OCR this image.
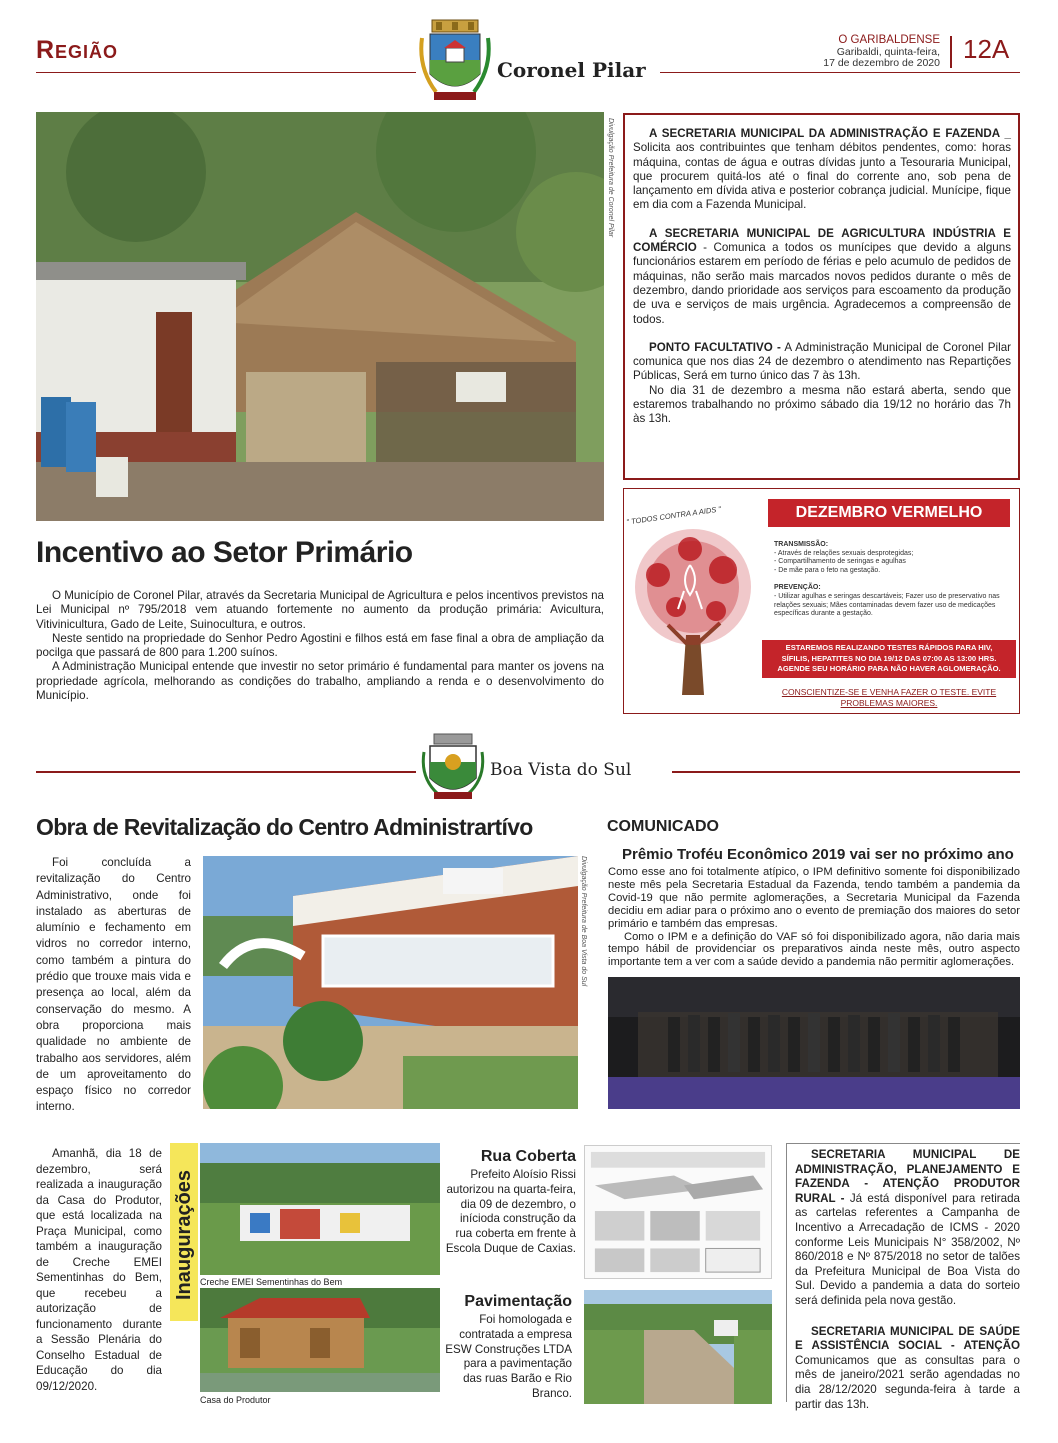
Região
Coronel Pilar
O GARIBALDENSE
Garibaldi, quinta-feira,
17 de dezembro de 2020 12A
Divulgação Prefeitura de Coronel Pilar	A SECRETARIA MUNICIPAL DA ADMINISTRAÇÃO E FAZENDA _ Solicita aos contribuintes que tenham débitos pendentes, como: horas máquina, contas de água e outras dívidas junto a Tesouraria Municipal, que procurem quitá-los até o final do corrente ano, sob pena de lançamento em dívida ativa e posterior cobrança judicial. Munícipe, fique em dia com a Fazenda Municipal.

A SECRETARIA MUNICIPAL DE AGRICULTURA INDÚSTRIA E COMÉRCIO - Comunica a todos os munícipes que devido a alguns funcionários estarem em período de férias e pelo acumulo de pedidos de máquinas, não serão mais marcados novos pedidos durante o mês de dezembro, dando prioridade aos serviços para escoamento da produção de uva e serviços de mais urgência. Agradecemos a compreensão de todos.

PONTO FACULTATIVO - A Administração Municipal de Coronel Pilar comunica que nos dias 24 de dezembro o atendimento nas Repartições Públicas, Será em turno único das 7 às 13h.

No dia 31 de dezembro a mesma não estará aberta, sendo que estaremos trabalhando no próximo sábado dia 19/12 no horário das 7h às 13h.

" TODOS CONTRA A AIDS "	DEZEMBRO VERMELHO
TRANSMISSÃO:
- Através de relações sexuais desprotegidas;
- Compartilhamento de seringas e agulhas
- De mãe para o feto na gestação.
PREVENÇÃO:
- Utilizar agulhas e seringas descartáveis; Fazer uso de preservativo nas relações sexuais; Mães contaminadas devem fazer uso de medicações específicas durante a gestação.
ESTAREMOS REALIZANDO TESTES RÁPIDOS PARA HIV,
SÍFILIS, HEPATITES NO DIA 19/12 DAS 07:00 AS 13:00 HRS.
AGENDE SEU HORÁRIO PARA NÃO HAVER AGLOMERAÇÃO.
CONSCIENTIZE-SE E VENHA FAZER O TESTE. EVITE PROBLEMAS MAIORES.
Incentivo ao Setor Primário

O Município de Coronel Pilar, através da Secretaria Municipal de Agricultura e pelos incentivos previstos na Lei Municipal nº 795/2018 vem atuando fortemente no aumento da produção primária: Avicultura, Vitivinicultura, Gado de Leite, Suinocultura, e outros.

Neste sentido na propriedade do Senhor Pedro Agostini e filhos está em fase final a obra de ampliação da pocilga que passará de 800 para 1.200 suínos.

A Administração Municipal entende que investir no setor primário é fundamental para manter os jovens na propriedade agrícola, melhorando as condições do trabalho, ampliando a renda e o desenvolvimento do Município.

Boa Vista do Sul
Obra de Revitalização do Centro Administrartívo
Foi concluída a revitalização do Centro Administrativo, onde foi instalado as aberturas de alumínio e fechamento em vidros no corredor interno, como também a pintura do prédio que trouxe mais vida e presença ao local, além da conservação do mesmo. A obra proporciona mais qualidade no ambiente de trabalho aos servidores, além de um aproveitamento do espaço físico no corredor interno.
Divulgação Prefeitura de Boa Vista do Sul
COMUNICADO
Prêmio Troféu Econômico 2019 vai ser no próximo ano

Como esse ano foi totalmente atípico, o IPM definitivo somente foi disponibilizado neste mês pela Secretaria Estadual da Fazenda, tendo também a pandemia da Covid-19 que não permite aglomerações, a Secretaria Municipal da Fazenda decidiu em adiar para o próximo ano o evento de premiação dos maiores do setor primário e também das empresas.

Como o IPM e a definição do VAF só foi disponibilizado agora, não daria mais tempo hábil de providenciar os preparativos ainda neste mês, outro aspecto importante tem a ver com a saúde devido a pandemia não permitir aglomerações.

Amanhã, dia 18 de dezembro, será realizada a inauguração da Casa do Produtor, que está localizada na Praça Municipal, como também a inauguração de Creche EMEI Sementinhas do Bem, que recebeu a autorização de funcionamento durante a Sessão Plenária do Conselho Estadual de Educação do dia 09/12/2020.
Inaugurações Creche EMEI Sementinhas do Bem
Casa do Produtor
Rua Coberta
Prefeito Aloísio Rissi autorizou na quarta-feira, dia 09 de dezembro, o iníciodа construção da rua coberta em frente à Escola Duque de Caxias.
Pavimentação
Foi homologada e contratada a empresa ESW Construções LTDA para a pavimentação das ruas Barão e Rio Branco.

SECRETARIA MUNICIPAL DE ADMINISTRAÇÃO, PLANEJAMENTO E FAZENDA - ATENÇÃO PRODUTOR RURAL - Já está disponível para retirada as cartelas referentes a Campanha de Incentivo a Arrecadação de ICMS - 2020 conforme Leis Municipais N° 358/2002, Nº 860/2018 e Nº 875/2018 no setor de talões da Prefeitura Municipal de Boa Vista do Sul. Devido a pandemia a data do sorteio será definida pela nova gestão.

SECRETARIA MUNICIPAL DE SAÚDE E ASSISTÊNCIA SOCIAL - ATENÇÃO Comunicamos que as consultas para o mês de janeiro/2021 serão agendadas no dia 28/12/2020 segunda-feira à tarde a partir das 13h.
